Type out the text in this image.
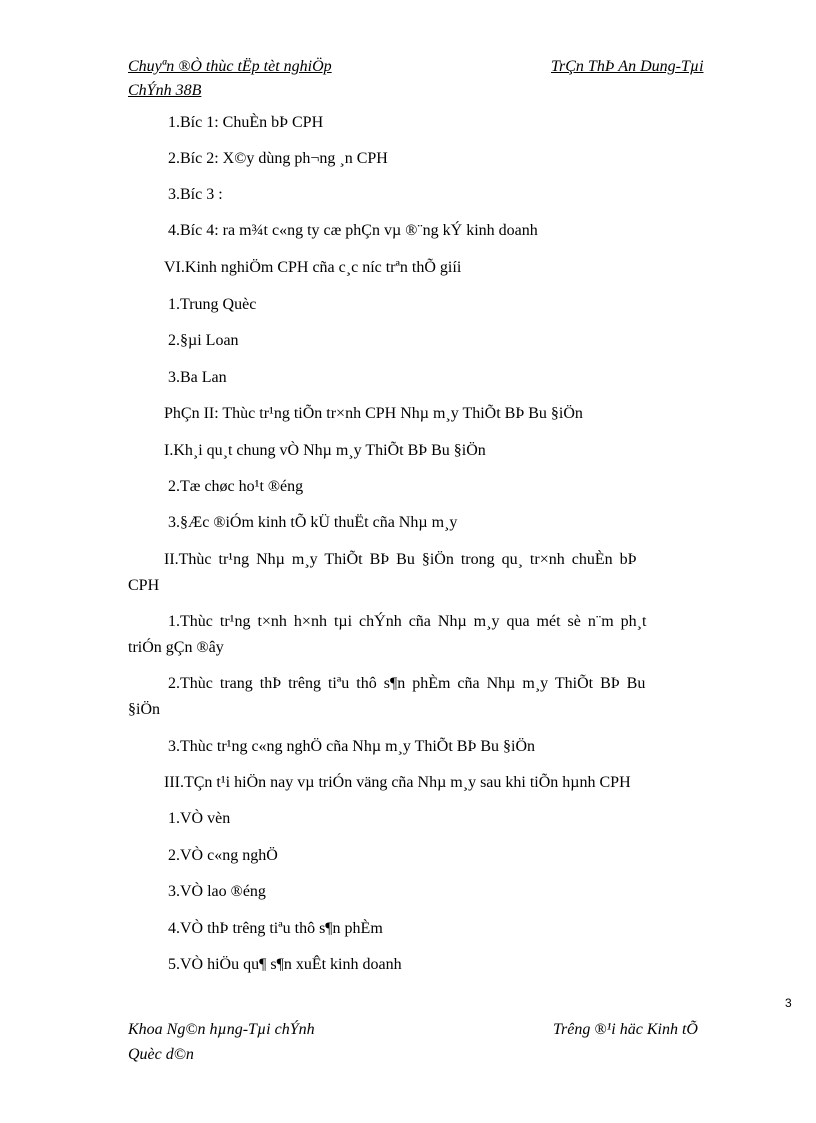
Chuyªn ®Ò thùc tËp tèt nghiÖp	TrÇn ThÞ An Dung-Tµi
ChÝnh 38B
1.Bíc 1: ChuÈn bÞ CPH
2.Bíc 2: X©y dùng ph¬ng ¸n CPH
3.Bíc 3 :
4.Bíc 4: ra m¾t c«ng ty cæ phÇn vµ ®¨ng kÝ kinh doanh
VI.Kinh nghiÖm CPH cña c¸c níc trªn thÕ giíi
1.Trung Quèc
2.§µi Loan
3.Ba Lan
PhÇn II: Thùc tr¹ng tiÕn tr×nh CPH Nhµ m¸y ThiÕt BÞ Bu §iÖn
I.Kh¸i qu¸t chung vÒ Nhµ m¸y ThiÕt BÞ Bu §iÖn
2.Tæ chøc ho¹t ®éng
3.§Æc ®iÓm kinh tÕ kÜ thuËt cña Nhµ m¸y
II.Thùc tr¹ng Nhµ m¸y ThiÕt BÞ Bu §iÖn trong qu¸ tr×nh chuÈn bÞ
CPH
1.Thùc tr¹ng t×nh h×nh tµi chÝnh cña Nhµ m¸y qua mét sè n¨m ph¸t
triÓn gÇn ®ây
2.Thùc trang thÞ trêng tiªu thô s¶n phÈm cña Nhµ m¸y ThiÕt BÞ Bu
§iÖn
3.Thùc tr¹ng c«ng nghÖ cña Nhµ m¸y ThiÕt BÞ Bu §iÖn
III.TÇn t¹i hiÖn nay vµ triÓn väng cña Nhµ m¸y sau khi tiÕn hµnh CPH
1.VÒ vèn
2.VÒ c«ng nghÖ
3.VÒ lao ®éng
4.VÒ thÞ trêng tiªu thô s¶n phÈm
5.VÒ hiÖu qu¶ s¶n xuÊt kinh doanh
3
Khoa Ng©n hµng-Tµi chÝnh
Quèc d©n
Trêng ®¹i häc Kinh tÕ
